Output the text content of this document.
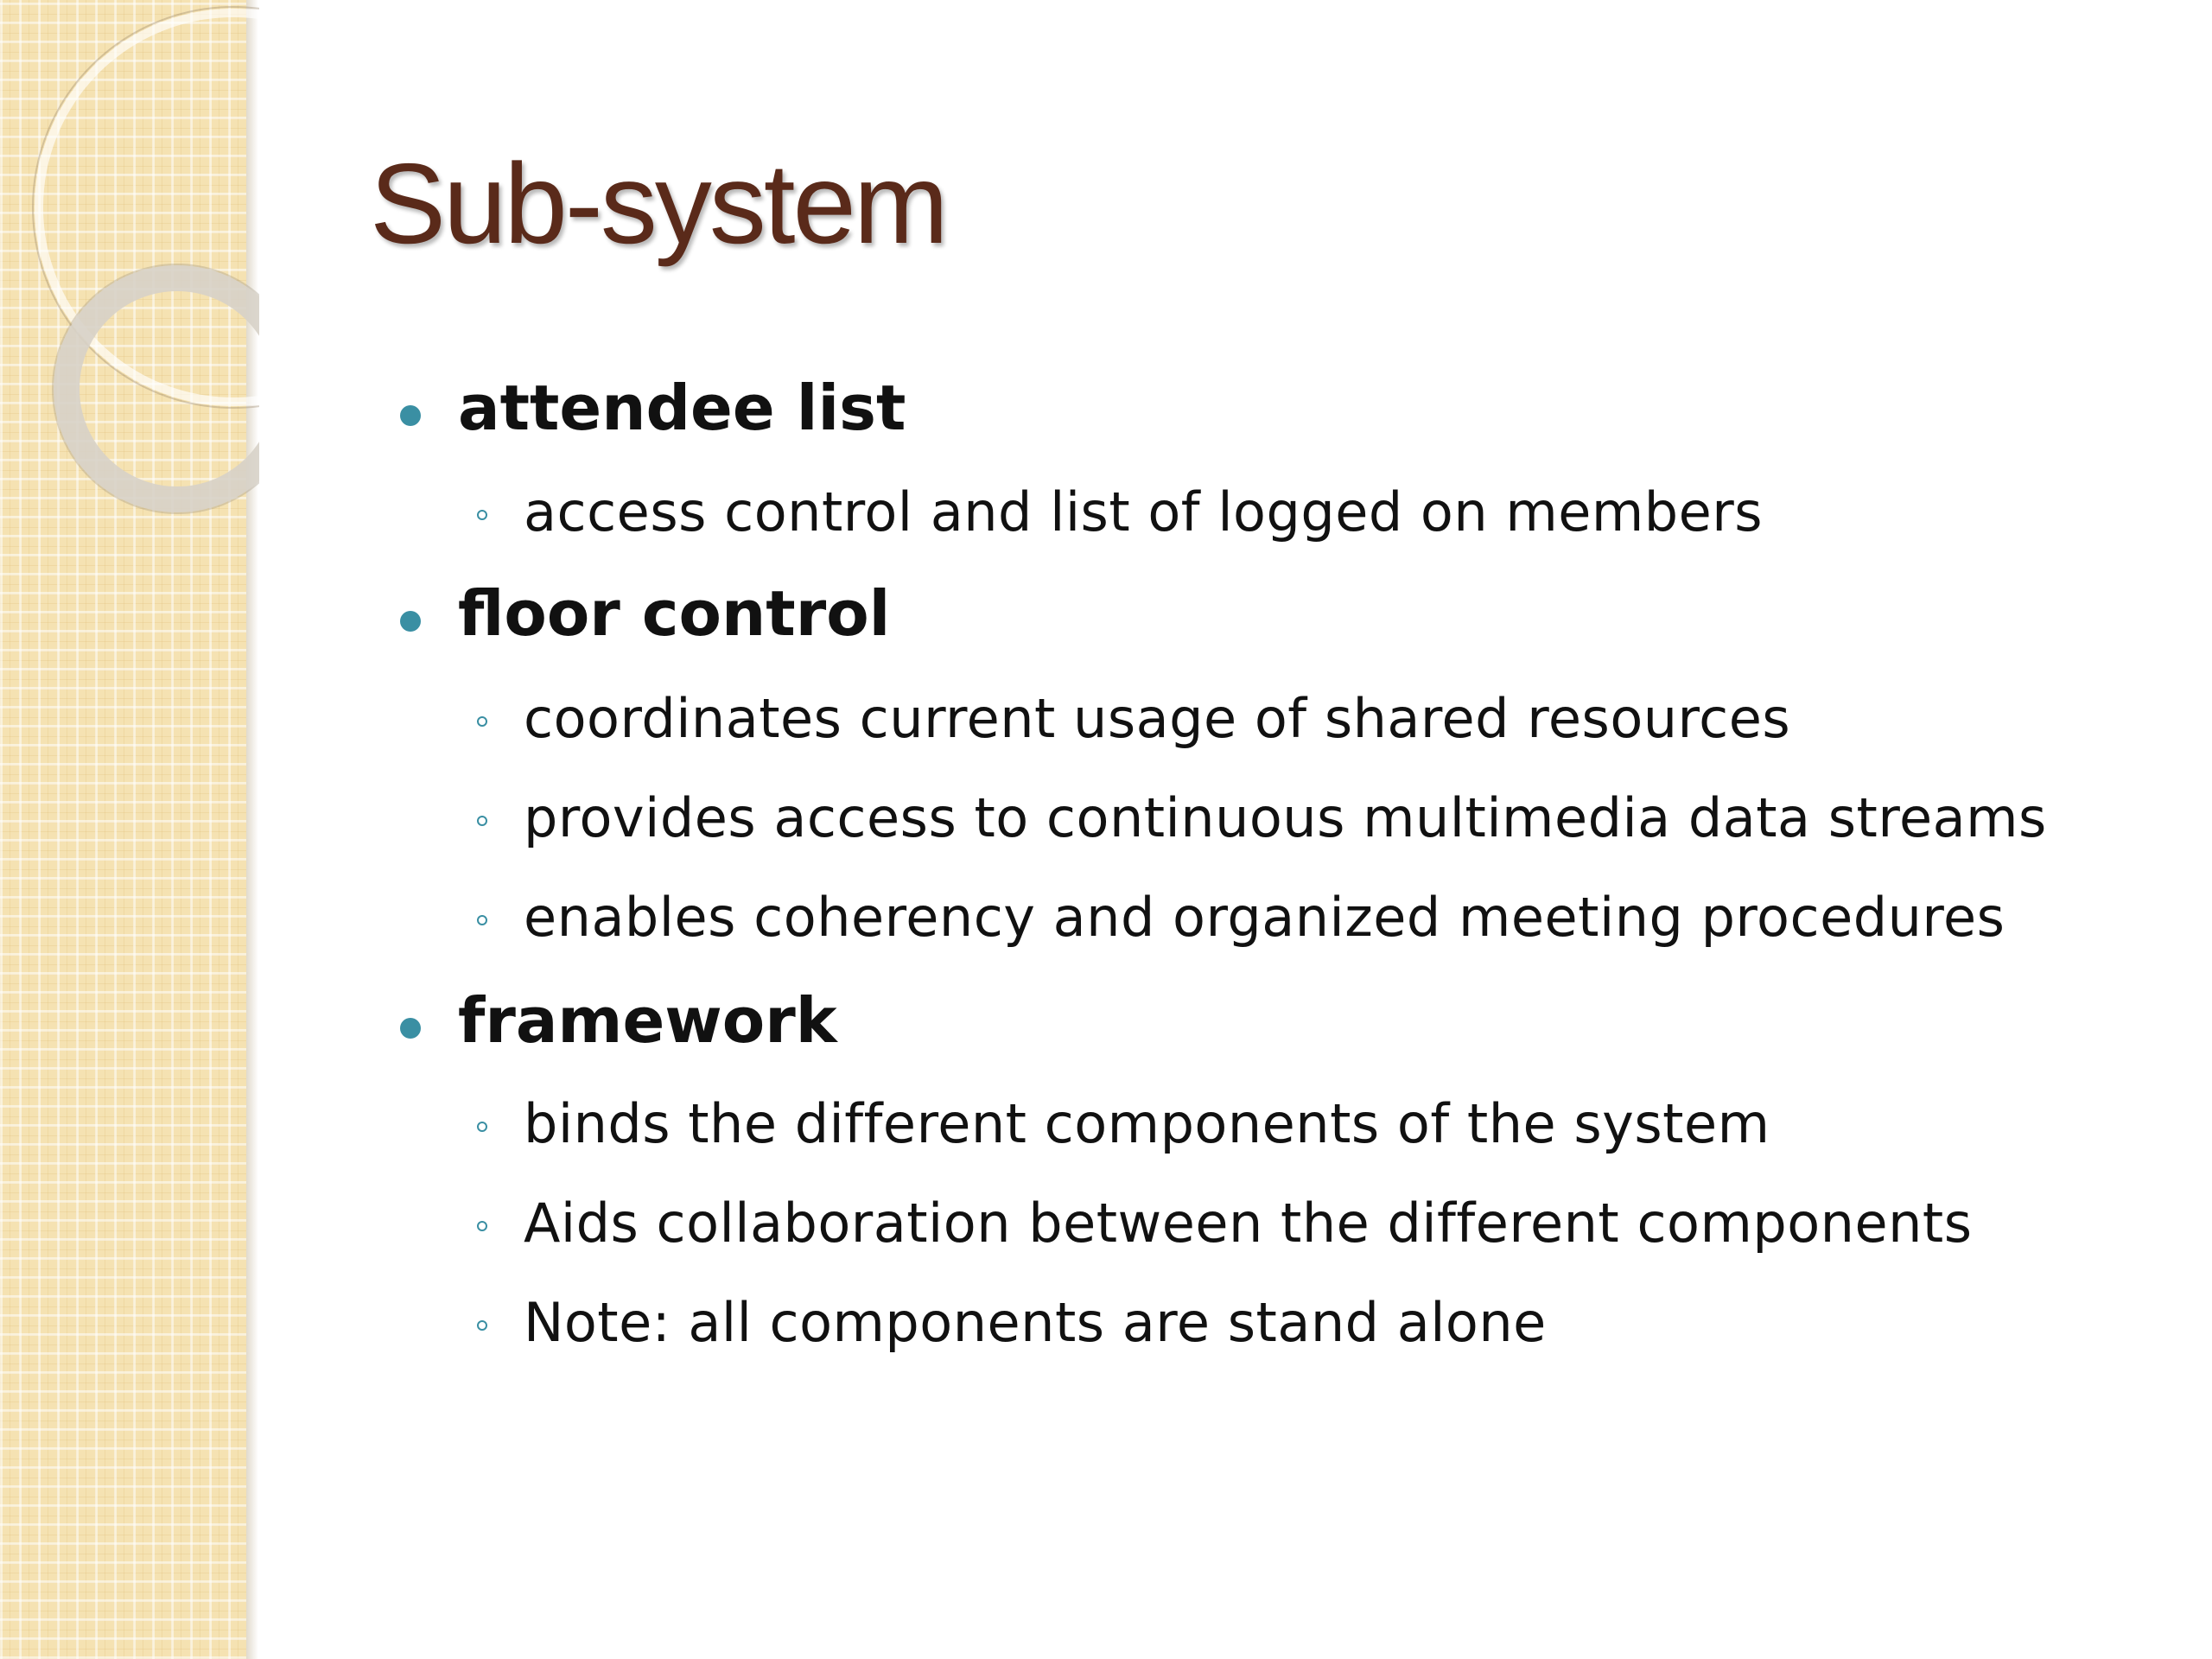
Sub-system
attendee list
access control and list of logged on members
floor control
coordinates current usage of shared resources
provides access to continuous multimedia data streams
enables coherency and organized meeting procedures
framework
binds the different components of the system
Aids collaboration between the different components
Note: all components are stand alone
